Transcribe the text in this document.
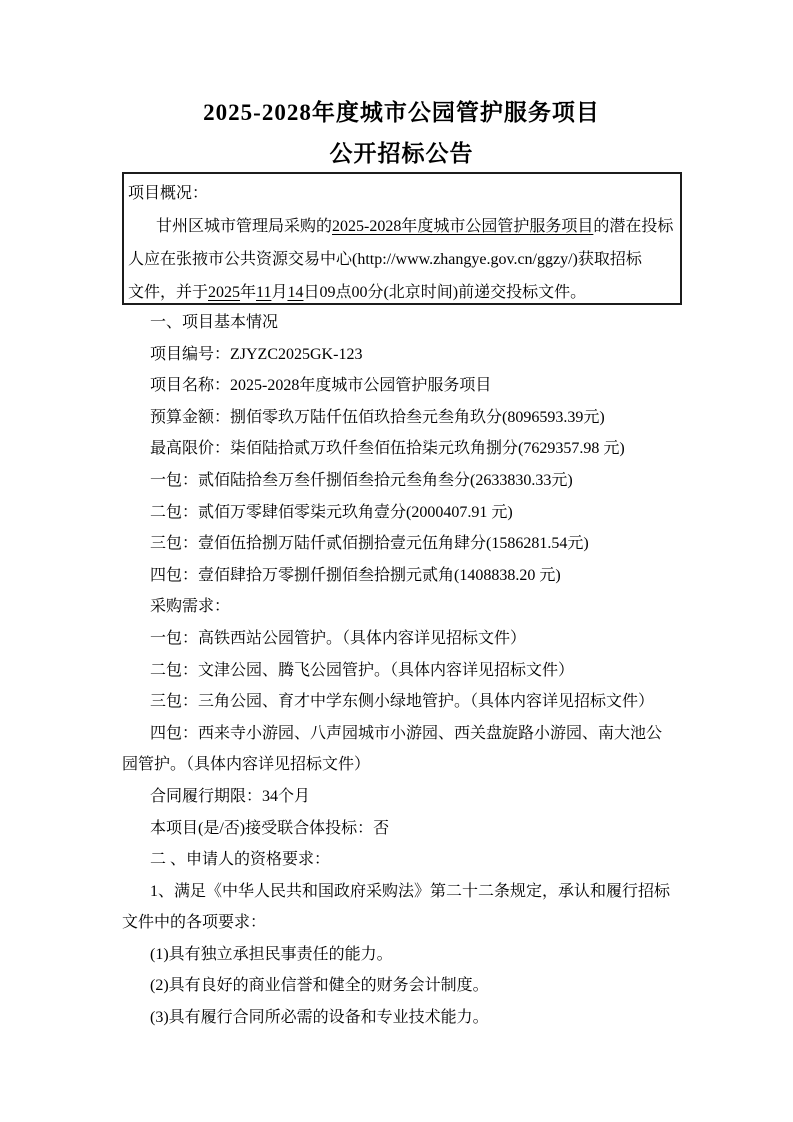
2025-2028年度城市公园管护服务项目
公开招标公告
项目概况：
甘州区城市管理局采购的2025-2028年度城市公园管护服务项目的潜在投标
人应在张掖市公共资源交易中心(http://www.zhangye.gov.cn/ggzy/)获取招标
文件，并于2025年11月14日09点00分(北京时间)前递交投标文件。
一、项目基本情况
项目编号：ZJYZC2025GK-123
项目名称：2025-2028年度城市公园管护服务项目
预算金额：捌佰零玖万陆仟伍佰玖拾叁元叁角玖分(8096593.39元)
最高限价：柒佰陆拾贰万玖仟叁佰伍拾柒元玖角捌分(7629357.98 元)
一包：贰佰陆拾叁万叁仟捌佰叁拾元叁角叁分(2633830.33元)
二包：贰佰万零肆佰零柒元玖角壹分(2000407.91 元)
三包：壹佰伍拾捌万陆仟贰佰捌拾壹元伍角肆分(1586281.54元)
四包：壹佰肆拾万零捌仟捌佰叁拾捌元贰角(1408838.20 元)
采购需求：
一包：高铁西站公园管护。（具体内容详见招标文件）
二包：文津公园、腾飞公园管护。（具体内容详见招标文件）
三包：三角公园、育才中学东侧小绿地管护。（具体内容详见招标文件）
四包：西来寺小游园、八声园城市小游园、西关盘旋路小游园、南大池公
园管护。（具体内容详见招标文件）
合同履行期限：34个月
本项目(是/否)接受联合体投标：否
二 、申请人的资格要求：
1、满足《中华人民共和国政府采购法》第二十二条规定，承认和履行招标
文件中的各项要求：
(1)具有独立承担民事责任的能力。
(2)具有良好的商业信誉和健全的财务会计制度。
(3)具有履行合同所必需的设备和专业技术能力。
